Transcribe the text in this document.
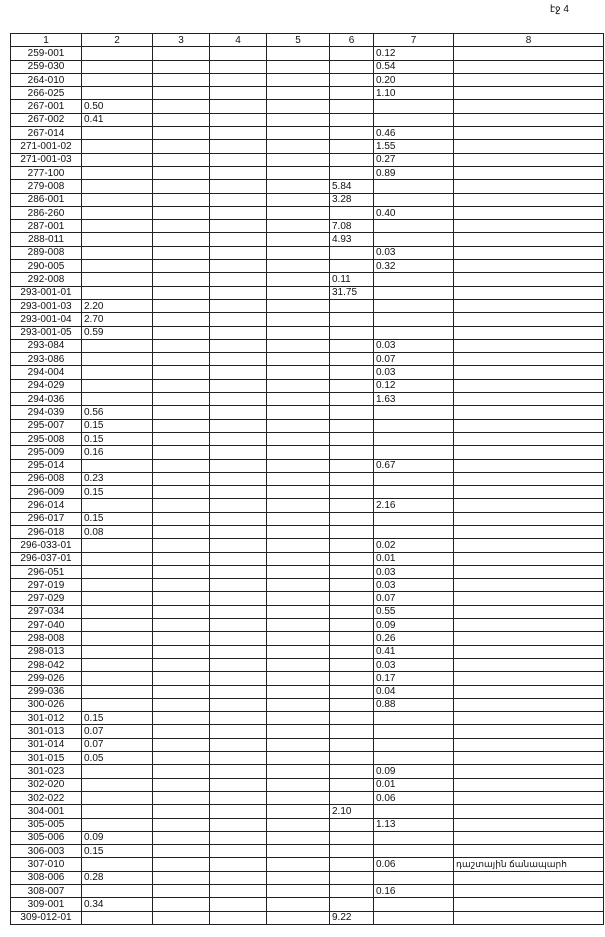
էջ 4
1	2	3	4	5	6	7	8
259-001						0.12	
259-030						0.54	
264-010						0.20	
266-025						1.10	
267-001	0.50						
267-002	0.41						
267-014						0.46	
271-001-02						1.55	
271-001-03						0.27	
277-100						0.89	
279-008					5.84		
286-001					3.28		
286-260						0.40	
287-001					7.08		
288-011					4.93		
289-008						0.03	
290-005						0.32	
292-008					0.11		
293-001-01					31.75		
293-001-03	2.20						
293-001-04	2.70						
293-001-05	0.59						
293-084						0.03	
293-086						0.07	
294-004						0.03	
294-029						0.12	
294-036						1.63	
294-039	0.56						
295-007	0.15						
295-008	0.15						
295-009	0.16						
295-014						0.67	
296-008	0.23						
296-009	0.15						
296-014						2.16	
296-017	0.15						
296-018	0.08						
296-033-01						0.02	
296-037-01						0.01	
296-051						0.03	
297-019						0.03	
297-029						0.07	
297-034						0.55	
297-040						0.09	
298-008						0.26	
298-013						0.41	
298-042						0.03	
299-026						0.17	
299-036						0.04	
300-026						0.88	
301-012	0.15						
301-013	0.07						
301-014	0.07						
301-015	0.05						
301-023						0.09	
302-020						0.01	
302-022						0.06	
304-001					2.10		
305-005						1.13	
305-006	0.09						
306-003	0.15						
307-010						0.06	դաշտային ճանապարհ
308-006	0.28						
308-007						0.16	
309-001	0.34						
309-012-01					9.22		
